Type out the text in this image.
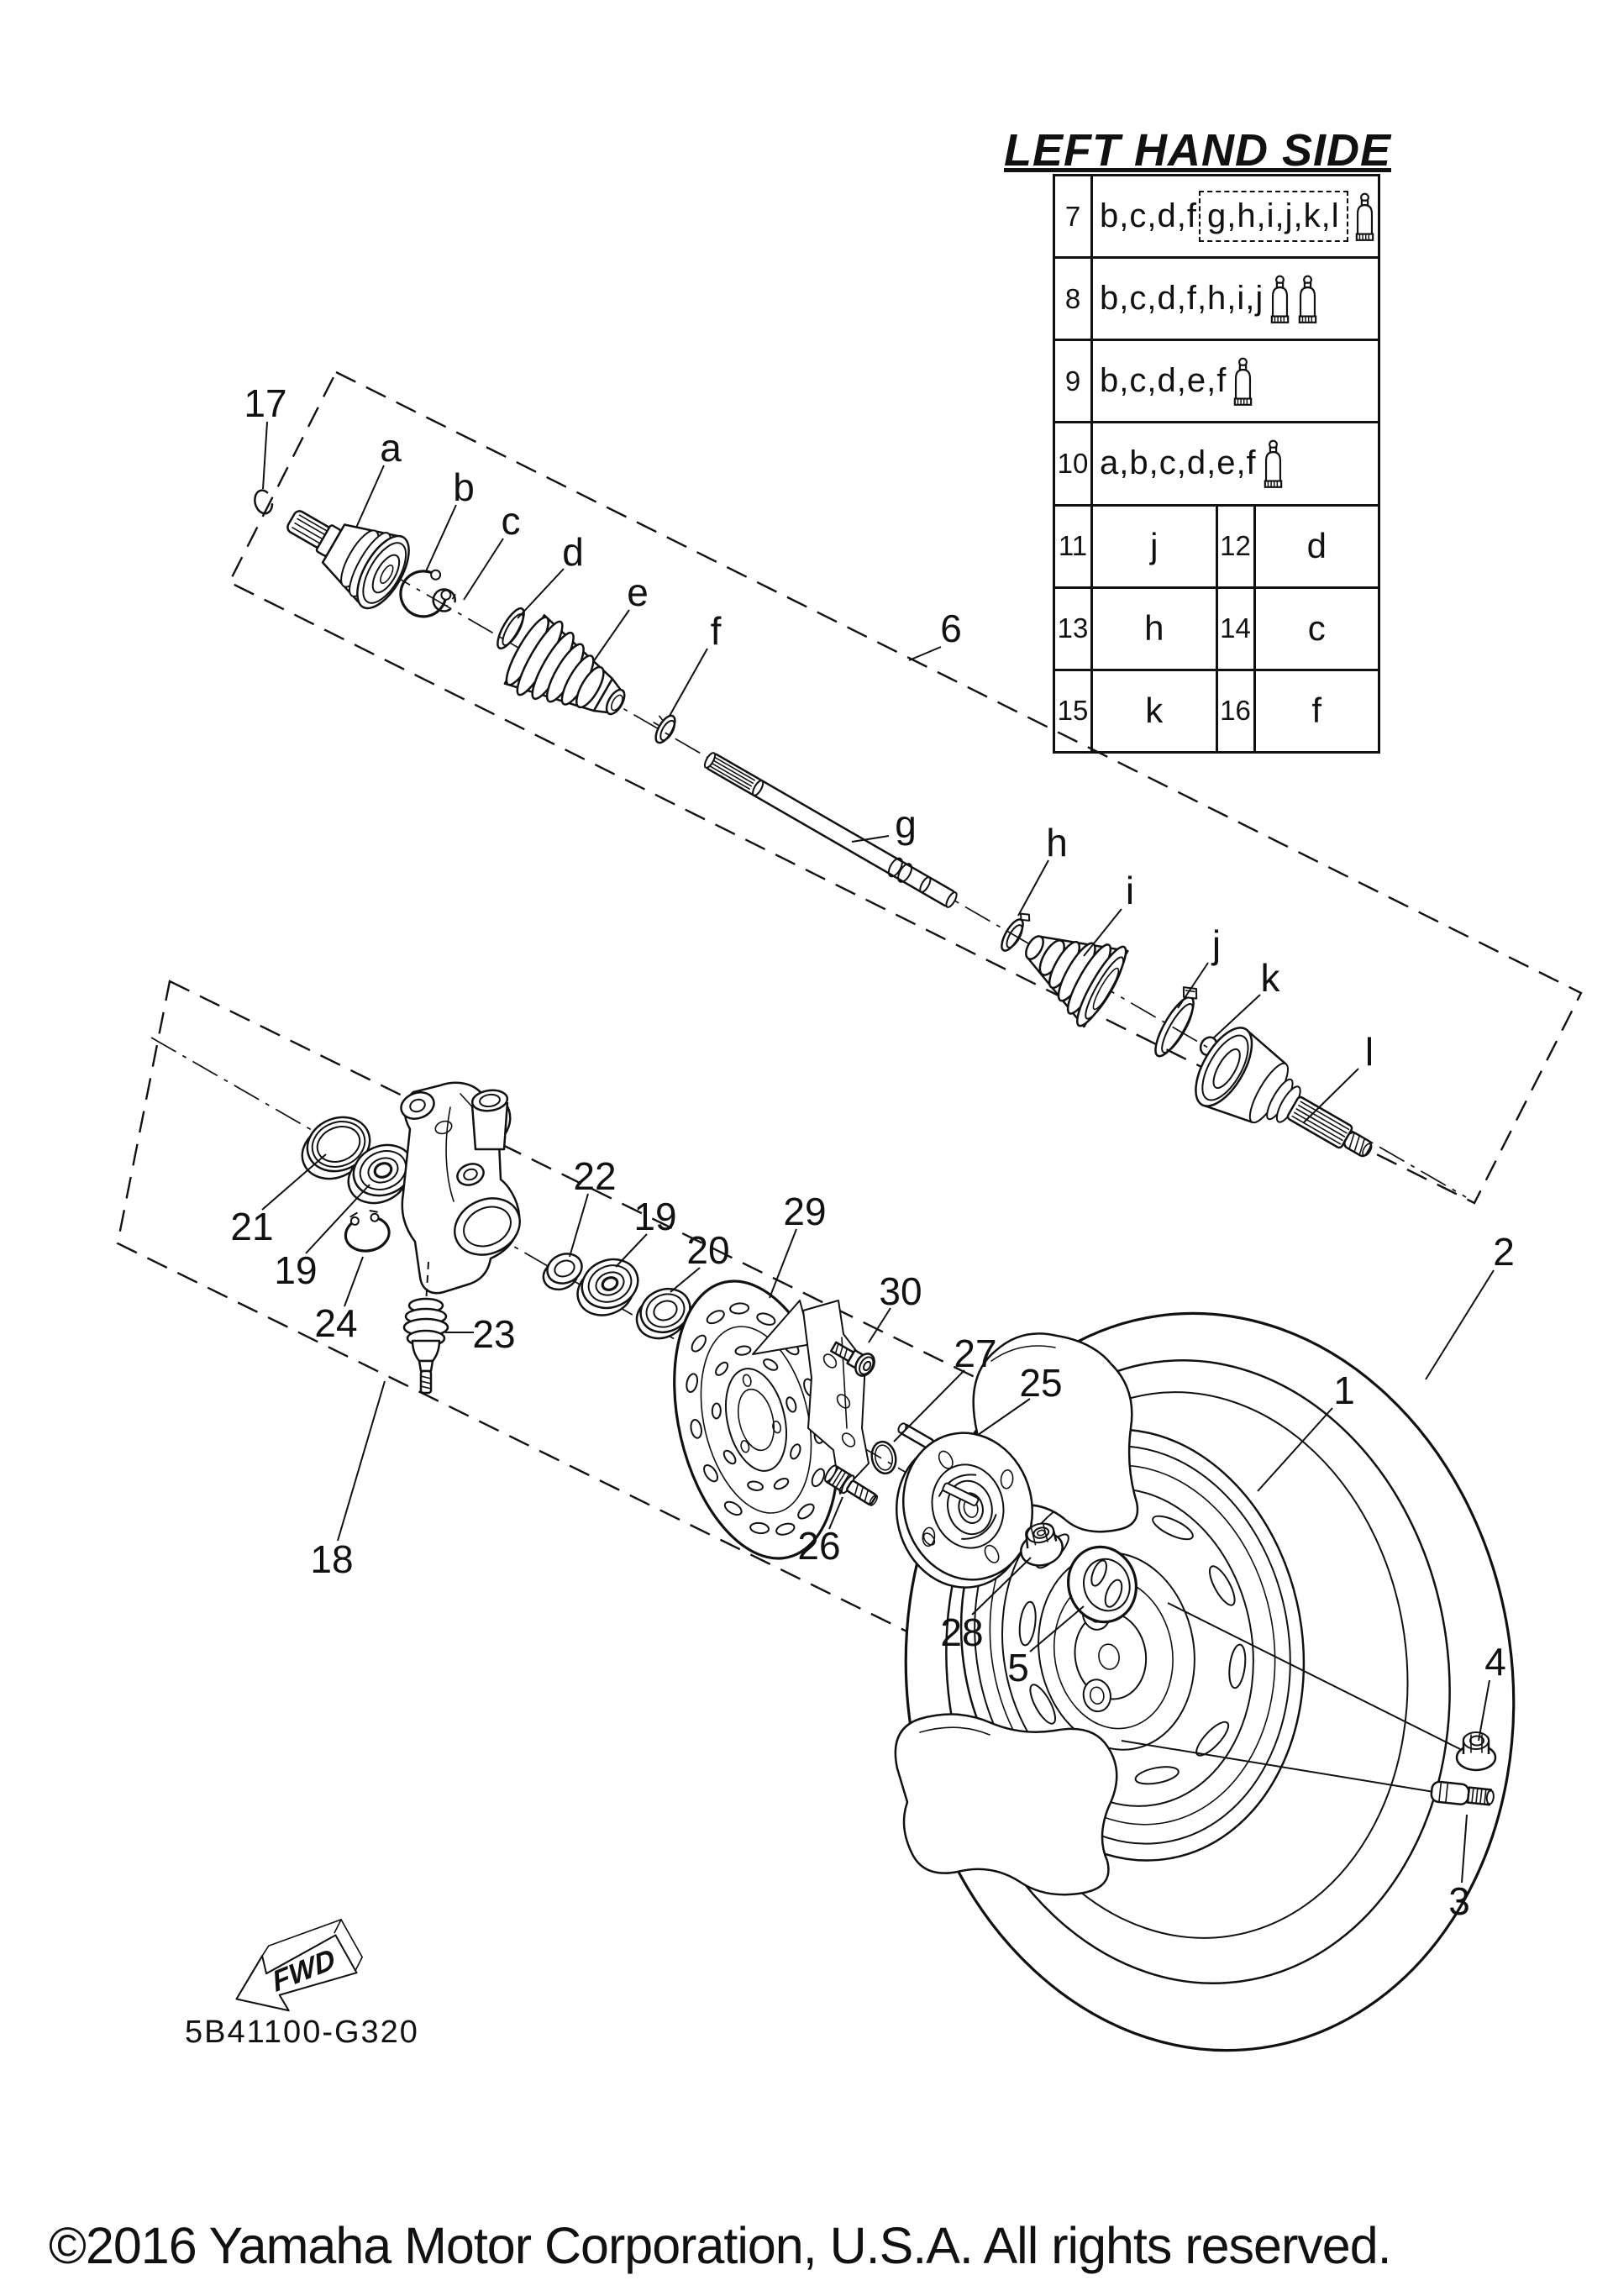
FWD
17
a
b
c
d
e
f	6
g	h
i
j
k
l
2
21
19
24
22
19
20
23
18
29
30
27
25
26
28
5
1
4
3
LEFT HAND SIDE
7 b,c,d,f g,h,i,j,k,l
8 b,c,d,f,h,i,j
9 b,c,d,e,f
10 a,b,c,d,e,f
11	j	12	d
13	h	14	c
15	k	16	f
5B41100-G320
©2016 Yamaha Motor Corporation, U.S.A. All rights reserved.
